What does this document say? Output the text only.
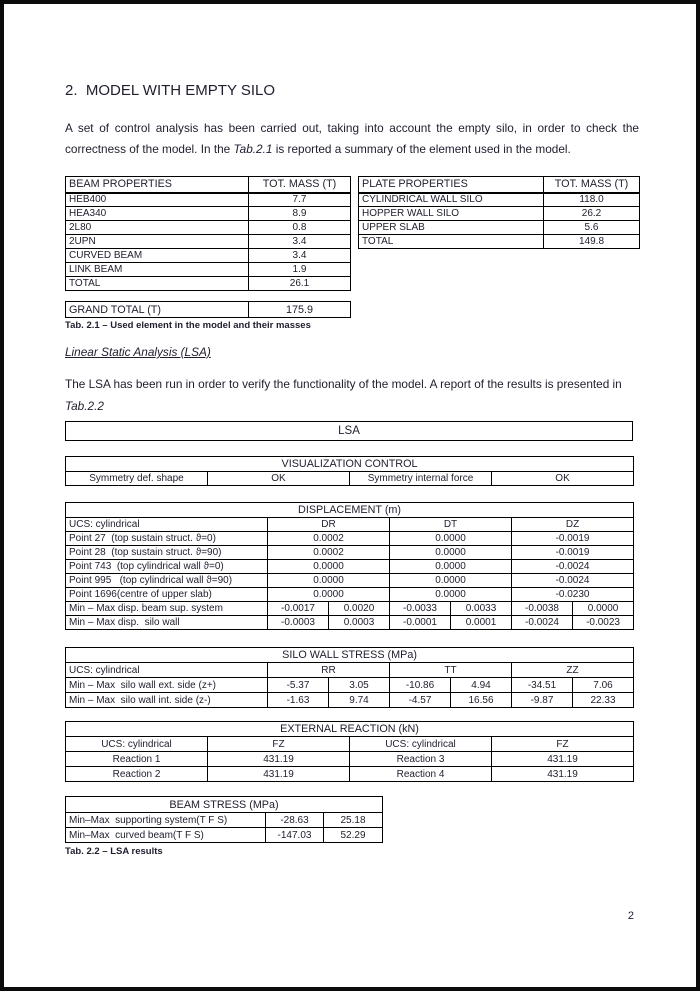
2.  MODEL WITH EMPTY SILO

A set of control analysis has been carried out, taking into account the empty silo, in order to check the correctness of the model. In the Tab.2.1 is reported a summary of the element used in the model.

BEAM PROPERTIES	TOT. MASS (T)
HEB400	7.7
HEA340	8.9
2L80	0.8
2UPN	3.4
CURVED BEAM	3.4
LINK BEAM	1.9
TOTAL	26.1
PLATE PROPERTIES	TOT. MASS (T)
CYLINDRICAL WALL SILO	118.0
HOPPER WALL SILO	26.2
UPPER SLAB	5.6
TOTAL	149.8
GRAND TOTAL (T)	175.9
Tab. 2.1 – Used element in the model and their masses
Linear Static Analysis (LSA)

The LSA has been run in order to verify the functionality of the model. A report of the results is presented in Tab.2.2

LSA
VISUALIZATION CONTROL
Symmetry def. shape	OK	Symmetry internal force	OK
DISPLACEMENT (m)						
UCS: cylindrical	DR		DT		DZ	
Point 27  (top sustain struct. ϑ=0)	0.0002		0.0000		-0.0019	
Point 28  (top sustain struct. ϑ=90)	0.0002		0.0000		-0.0019	
Point 743  (top cylindrical wall ϑ=0)	0.0000		0.0000		-0.0024	
Point 995   (top cylindrical wall ϑ=90)	0.0000		0.0000		-0.0024	
Point 1696(centre of upper slab)	0.0000		0.0000		-0.0230	
Min – Max disp. beam sup. system	-0.0017	0.0020	-0.0033	0.0033	-0.0038	0.0000
Min – Max disp.  silo wall	-0.0003	0.0003	-0.0001	0.0001	-0.0024	-0.0023
SILO WALL STRESS (MPa)						
UCS: cylindrical	RR		TT		ZZ	
Min – Max  silo wall ext. side (z+)	-5.37	3.05	-10.86	4.94	-34.51	7.06
Min – Max  silo wall int. side (z-)	-1.63	9.74	-4.57	16.56	-9.87	22.33
EXTERNAL REACTION (kN)			
UCS: cylindrical	FZ	UCS: cylindrical	FZ
Reaction 1	431.19	Reaction 3	431.19
Reaction 2	431.19	Reaction 4	431.19
BEAM STRESS (MPa)		
Min–Max  supporting system(T F S)	-28.63	25.18
Min–Max  curved beam(T F S)	-147.03	52.29
Tab. 2.2 – LSA results
2
